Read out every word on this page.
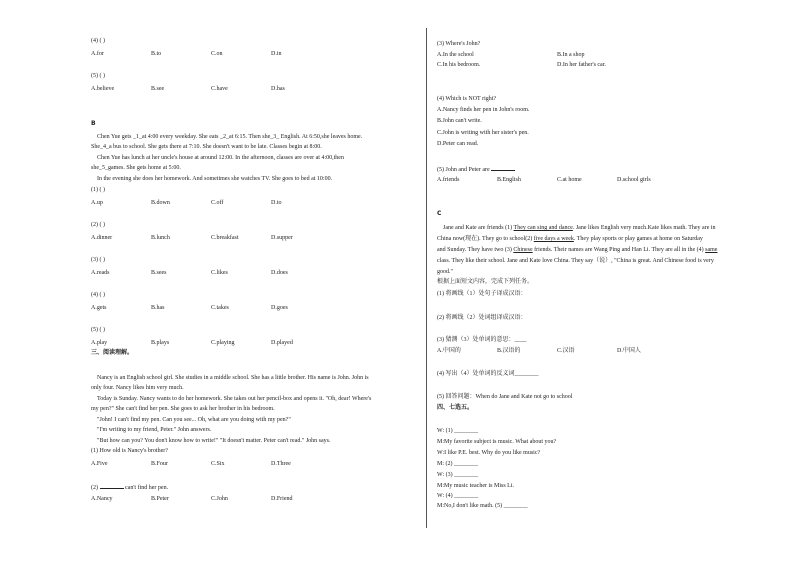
(4) ( )
A.for	B.to	C.on	D.in
(5) ( )
A.believe	B.see	C.have	D.has
B
Chen Yue gets _1_at 4:00 every weekday. She eats _2_at 6:15. Then she_3_ English. At 6:50,she leaves home.
She_4_a bus to school. She gets there at 7:10. She doesn't want to be late. Classes begin at 8:00.
Chen Yue has lunch at her uncle's house at around 12:00. In the afternoon, classes are over at 4:00,then
she_5_games. She gets home at 5:00.
In the evening she does her homework. And sometimes she watches TV. She goes to bed at 10:00.
(1) ( )
A.up	B.down	C.off	D.to
(2) ( )
A.dinner	B.lunch	C.breakfast	D.supper
(3) ( )
A.reads	B.sees	C.likes	D.does
(4) ( )
A.gets	B.has	C.takes	D.goes
(5) ( )
A.play	B.plays	C.playing	D.played
三、阅读理解。
Nancy is an English school girl. She studies in a middle school. She has a little brother. His name is John. John is
only four. Nancy likes him very much.
Today is Sunday. Nancy wants to do her homework. She takes out her pencil-box and opens it. "Oh, dear! Where's
my pen?" She can't find her pen. She goes to ask her brother in his bedroom.
"John! I can't find my pen. Can you see... Oh, what are you doing with my pen?"
"I'm writing to my friend, Peter." John answers.
"But how can you? You don't know how to write!" "It doesn't matter. Peter can't read." John says.
(1) How old is Nancy's brother?
A.Five	B.Four	C.Six	D.Three
(2)	can't find her pen.
A.Nancy	B.Peter	C.John	D.Friend
(3) Where's John?
A.In the school	B.In a shop
C.In his bedroom.	D.In her father's car.
(4) Which is NOT right?
A.Nancy finds her pen in John's room.
B.John can't write.
C.John is writing with her sister's pen.
D.Peter can read.
(5) John and Peter are
A.friends	B.English	C.at home	D.school girls
C
Jane and Kate are friends (1) They can sing and dance. Jane likes English very much.Kate likes math. They are in
China now(现在). They go to school(2) five days a week. They play sports or play games at home on Saturday
and Sunday. They have two (3) Chinese friends. Their names are Wang Ping and Han Li. They are all in the (4) same
class. They like their school. Jane and Kate love China. They say（说）, "China is great. And Chinese food is very
good."
根据上面短文内容，完成下列任务。
(1) 将画线（1）处句子译成汉语：
(2) 将画线（2）处词组译成汉语：
(3) 猜测（3）处单词的意思：____
A.中国的	B.汉语的	C.汉语	D.中国人
(4) 写出（4）处单词的反义词________
(5) 回答问题：When do Jane and Kate not go to school
四、七选五。
W: (1) ________
M:My favorite subject is music. What about you?
W:I like P.E. best. Why do you like music?
M: (2) ________
W: (3) ________
M:My music teacher is Miss Li.
W: (4) ________
M:No,I don't like math. (5) ________
